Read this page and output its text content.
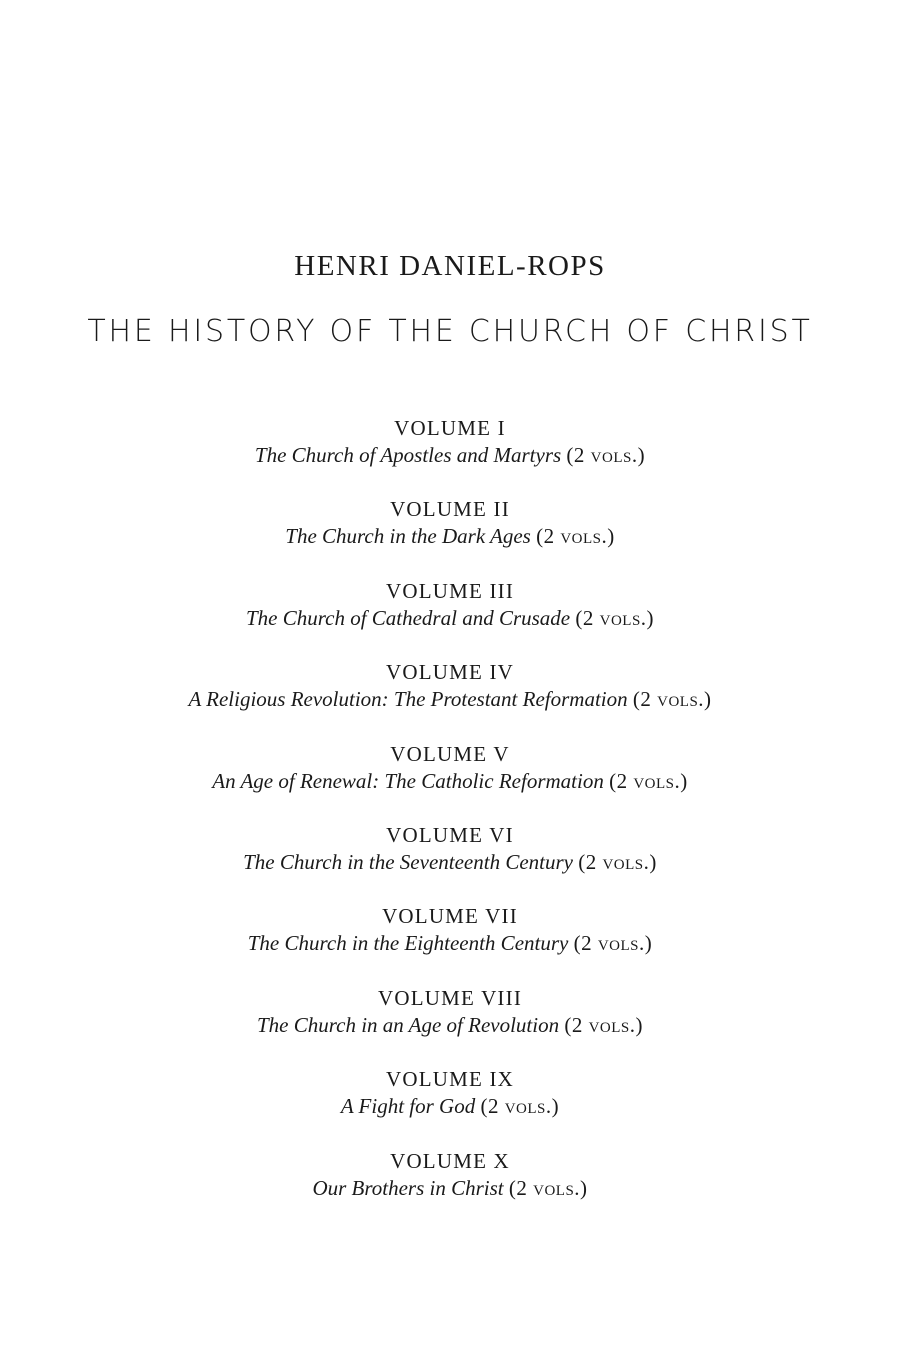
HENRI DANIEL-ROPS
THE HISTORY OF THE CHURCH OF CHRIST
VOLUME I
The Church of Apostles and Martyrs (2 vols.)
VOLUME II
The Church in the Dark Ages (2 vols.)
VOLUME III
The Church of Cathedral and Crusade (2 vols.)
VOLUME IV
A Religious Revolution: The Protestant Reformation (2 vols.)
VOLUME V
An Age of Renewal: The Catholic Reformation (2 vols.)
VOLUME VI
The Church in the Seventeenth Century (2 vols.)
VOLUME VII
The Church in the Eighteenth Century (2 vols.)
VOLUME VIII
The Church in an Age of Revolution (2 vols.)
VOLUME IX
A Fight for God (2 vols.)
VOLUME X
Our Brothers in Christ (2 vols.)
